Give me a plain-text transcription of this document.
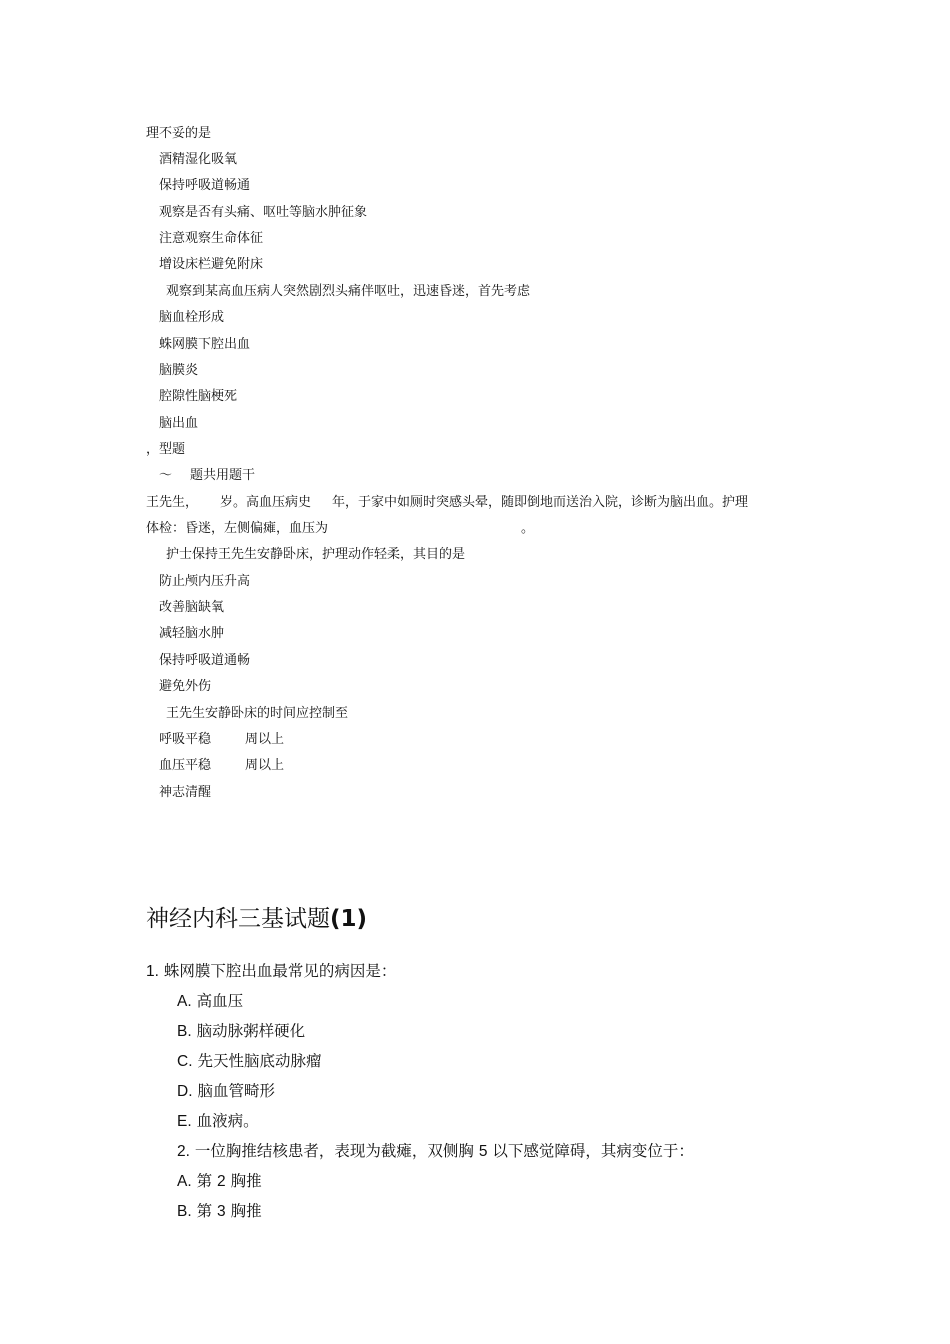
理不妥的是
酒精湿化吸氧
保持呼吸道畅通
观察是否有头痛、呕吐等脑水肿征象
注意观察生命体征
增设床栏避免附床
观察到某高血压病人突然剧烈头痛伴呕吐，迅速昏迷，首先考虑
脑血栓形成
蛛网膜下腔出血
脑膜炎
腔隙性脑梗死
脑出血
，型题
～ 题共用题干
王先生， 岁。高血压病史 年，于家中如厕时突感头晕，随即倒地而送治入院，诊断为脑出血。护理
体检：昏迷，左侧偏瘫，血压为	。
护士保持王先生安静卧床，护理动作轻柔，其目的是
防止颅内压升高
改善脑缺氧
减轻脑水肿
保持呼吸道通畅
避免外伤
王先生安静卧床的时间应控制至
呼吸平稳	周以上
血压平稳	周以上
神志清醒
神经内科三基试题(1)
1. 蛛网膜下腔出血最常见的病因是：
A. 高血压
B. 脑动脉粥样硬化
C. 先天性脑底动脉瘤
D. 脑血管畸形
E. 血液病。
2. 一位胸推结核患者，表现为截瘫，双侧胸 5 以下感觉障碍，其病变位于：
A. 第 2 胸推
B. 第 3 胸推
